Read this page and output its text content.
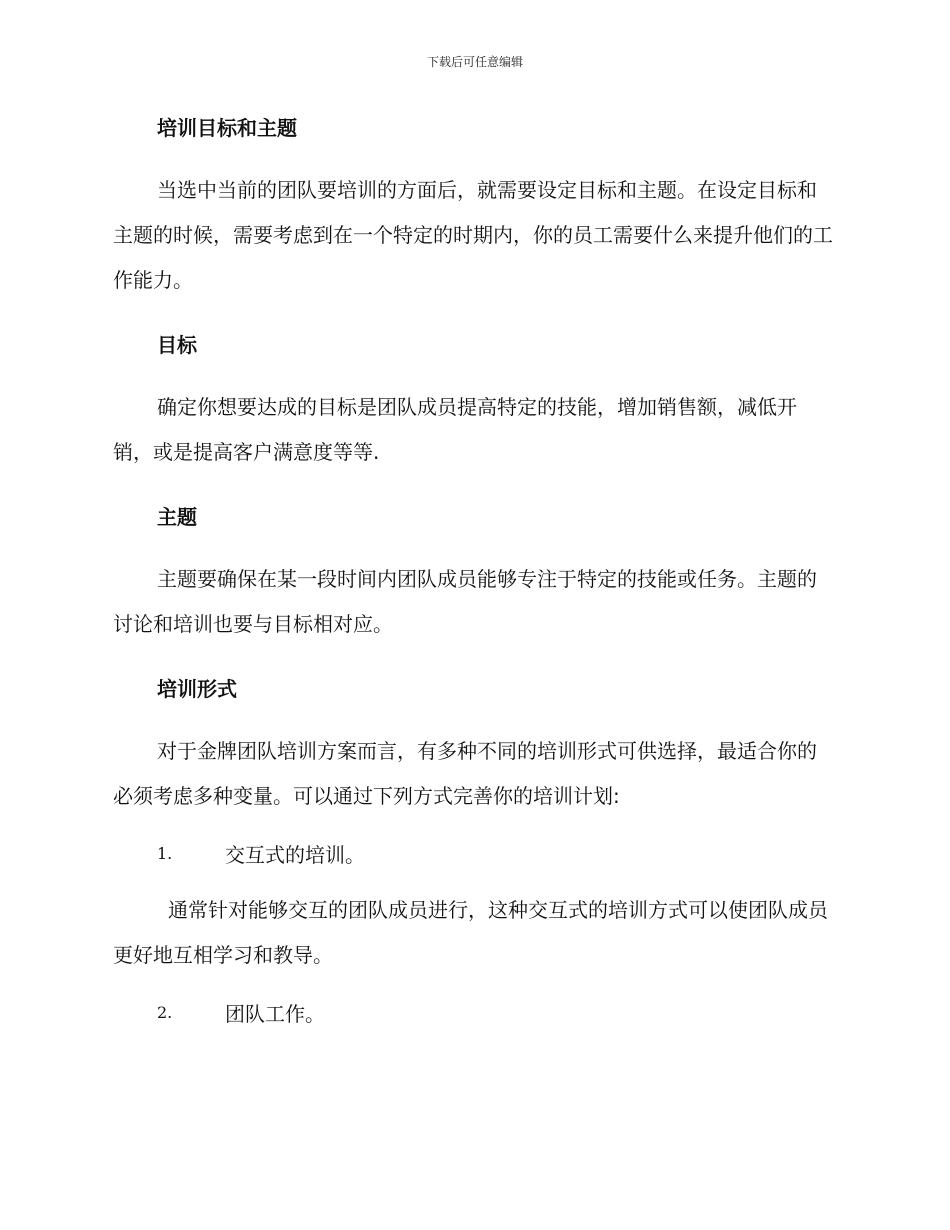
下载后可任意编辑
培训目标和主题

当选中当前的团队要培训的方面后，就需要设定目标和主题。在设定目标和主题的时候，需要考虑到在一个特定的时期内，你的员工需要什么来提升他们的工作能力。

目标

确定你想要达成的目标是团队成员提高特定的技能，增加销售额，减低开销，或是提高客户满意度等等.

主题

主题要确保在某一段时间内团队成员能够专注于特定的技能或任务。主题的讨论和培训也要与目标相对应。

培训形式

对于金牌团队培训方案而言，有多种不同的培训形式可供选择，最适合你的必须考虑多种变量。可以通过下列方式完善你的培训计划:

1.	交互式的培训。

通常针对能够交互的团队成员进行，这种交互式的培训方式可以使团队成员更好地互相学习和教导。

2.	团队工作。
